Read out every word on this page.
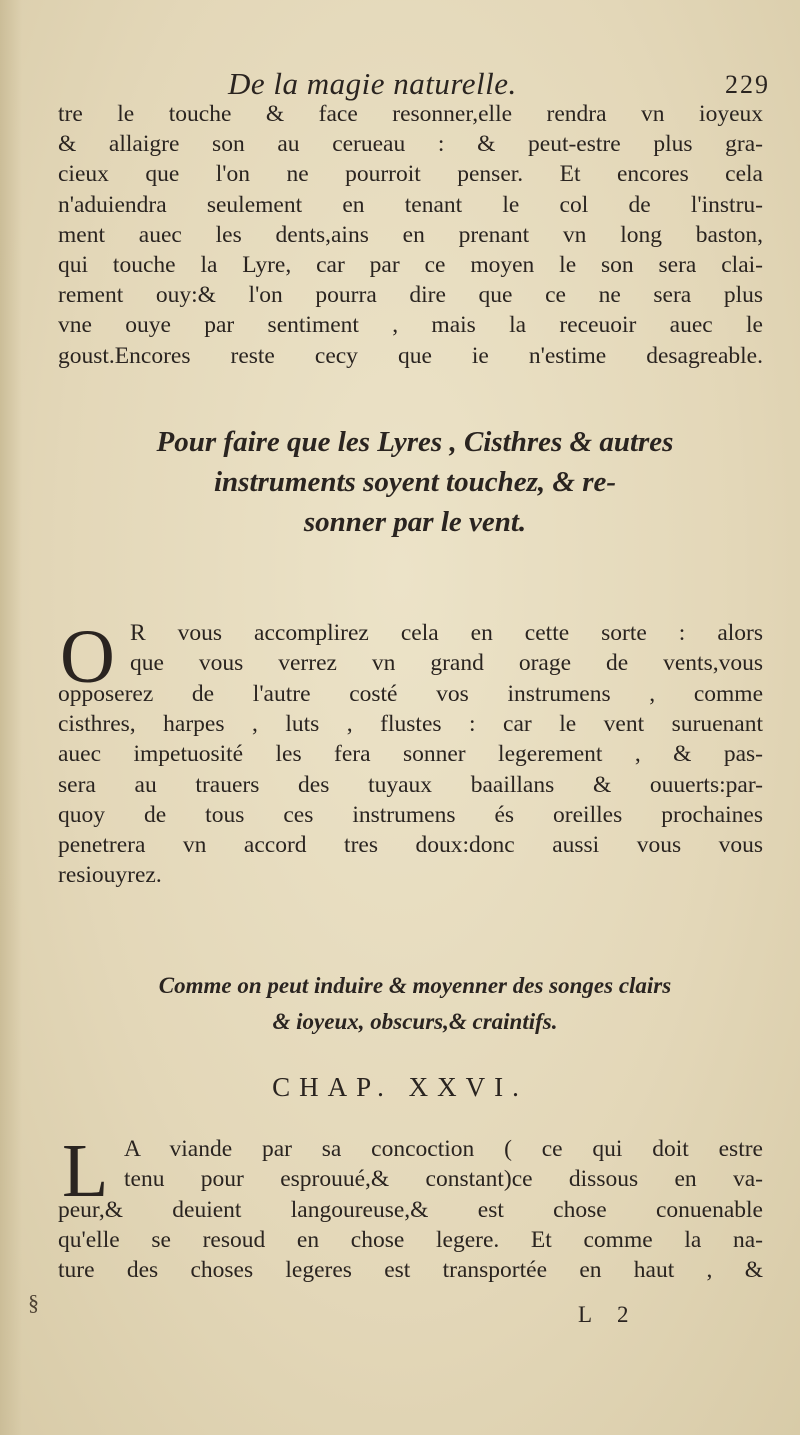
De la magie naturelle.	229
tre le touche & face resonner,elle rendra vn ioyeux
& allaigre son au cerueau : & peut-estre plus gra-
cieux que l'on ne pourroit penser. Et encores cela
n'aduiendra seulement en tenant le col de l'instru-
ment auec les dents,ains en prenant vn long baston,
qui touche la Lyre, car par ce moyen le son sera clai-
rement ouy:& l'on pourra dire que ce ne sera plus
vne ouye par sentiment , mais la receuoir auec le
goust.Encores reste cecy que ie n'estime desagreable.
Pour faire que les Lyres , Cisthres & autres
instruments soyent touchez, & re-
sonner par le vent.
O R vous accomplirez cela en cette sorte : alors
que vous verrez vn grand orage de vents,vous
opposerez de l'autre costé vos instrumens , comme
cisthres, harpes , luts , flustes : car le vent suruenant
auec impetuosité les fera sonner legerement , & pas-
sera au trauers des tuyaux baaillans & ouuerts:par-
quoy de tous ces instrumens és oreilles prochaines
penetrera vn accord tres doux:donc aussi vous vous
resiouyrez.
Comme on peut induire & moyenner des songes clairs
& ioyeux, obscurs,& craintifs.
CHAP. XXVI.
L A viande par sa concoction ( ce qui doit estre
tenu pour esprouué,& constant)ce dissous en va-
peur,& deuient langoureuse,& est chose conuenable
qu'elle se resoud en chose legere. Et comme la na-
ture des choses legeres est transportée en haut , &
§	L 2
